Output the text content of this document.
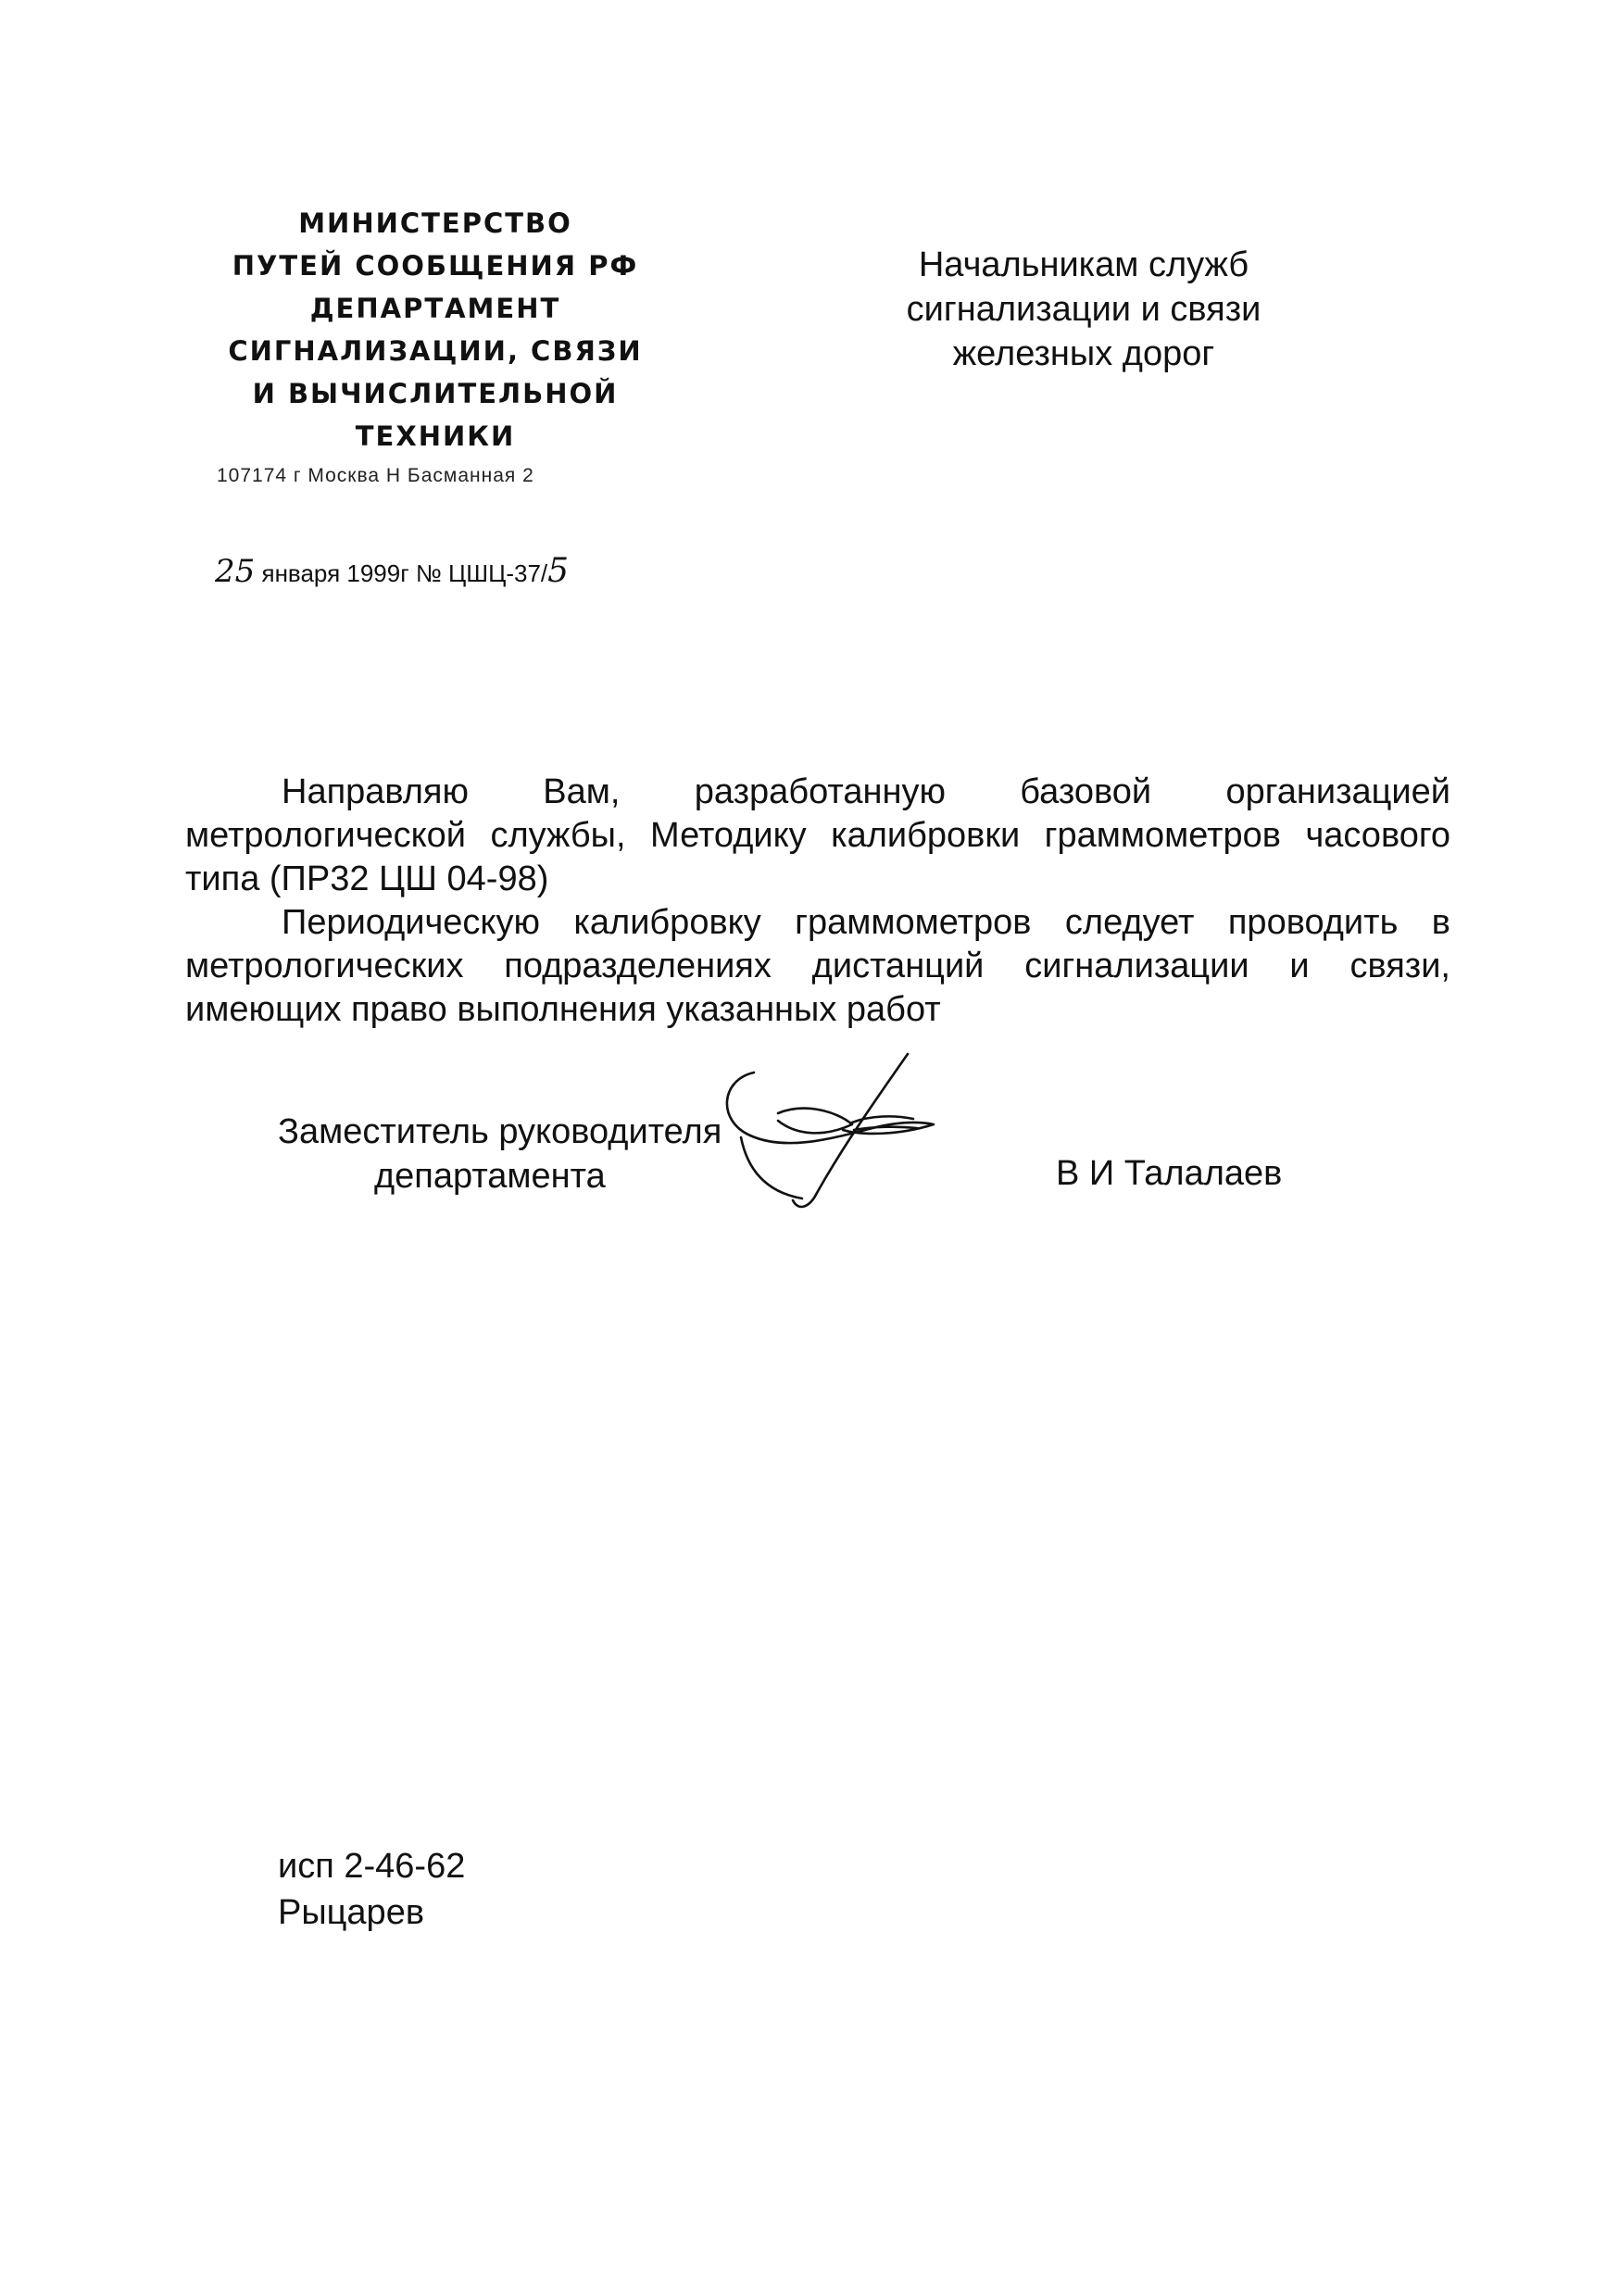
МИНИСТЕРСТВО
ПУТЕЙ СООБЩЕНИЯ РФ
ДЕПАРТАМЕНТ
СИГНАЛИЗАЦИИ, СВЯЗИ
И ВЫЧИСЛИТЕЛЬНОЙ
ТЕХНИКИ
107174 г Москва Н Басманная 2
25 января 1999г № ЦШЦ-37/5
Начальникам служб
сигнализации и связи
железных дорог

Направляю Вам, разработанную базовой организацией метрологической службы, Методику калибровки граммометров часового типа (ПР32 ЦШ 04-98)

Периодическую калибровку граммометров следует проводить в метрологических подразделениях дистанций сигнализации и связи, имеющих право выполнения указанных работ

Заместитель руководителя
департамента	В И Талалаев
исп 2-46-62
Рыцарев
